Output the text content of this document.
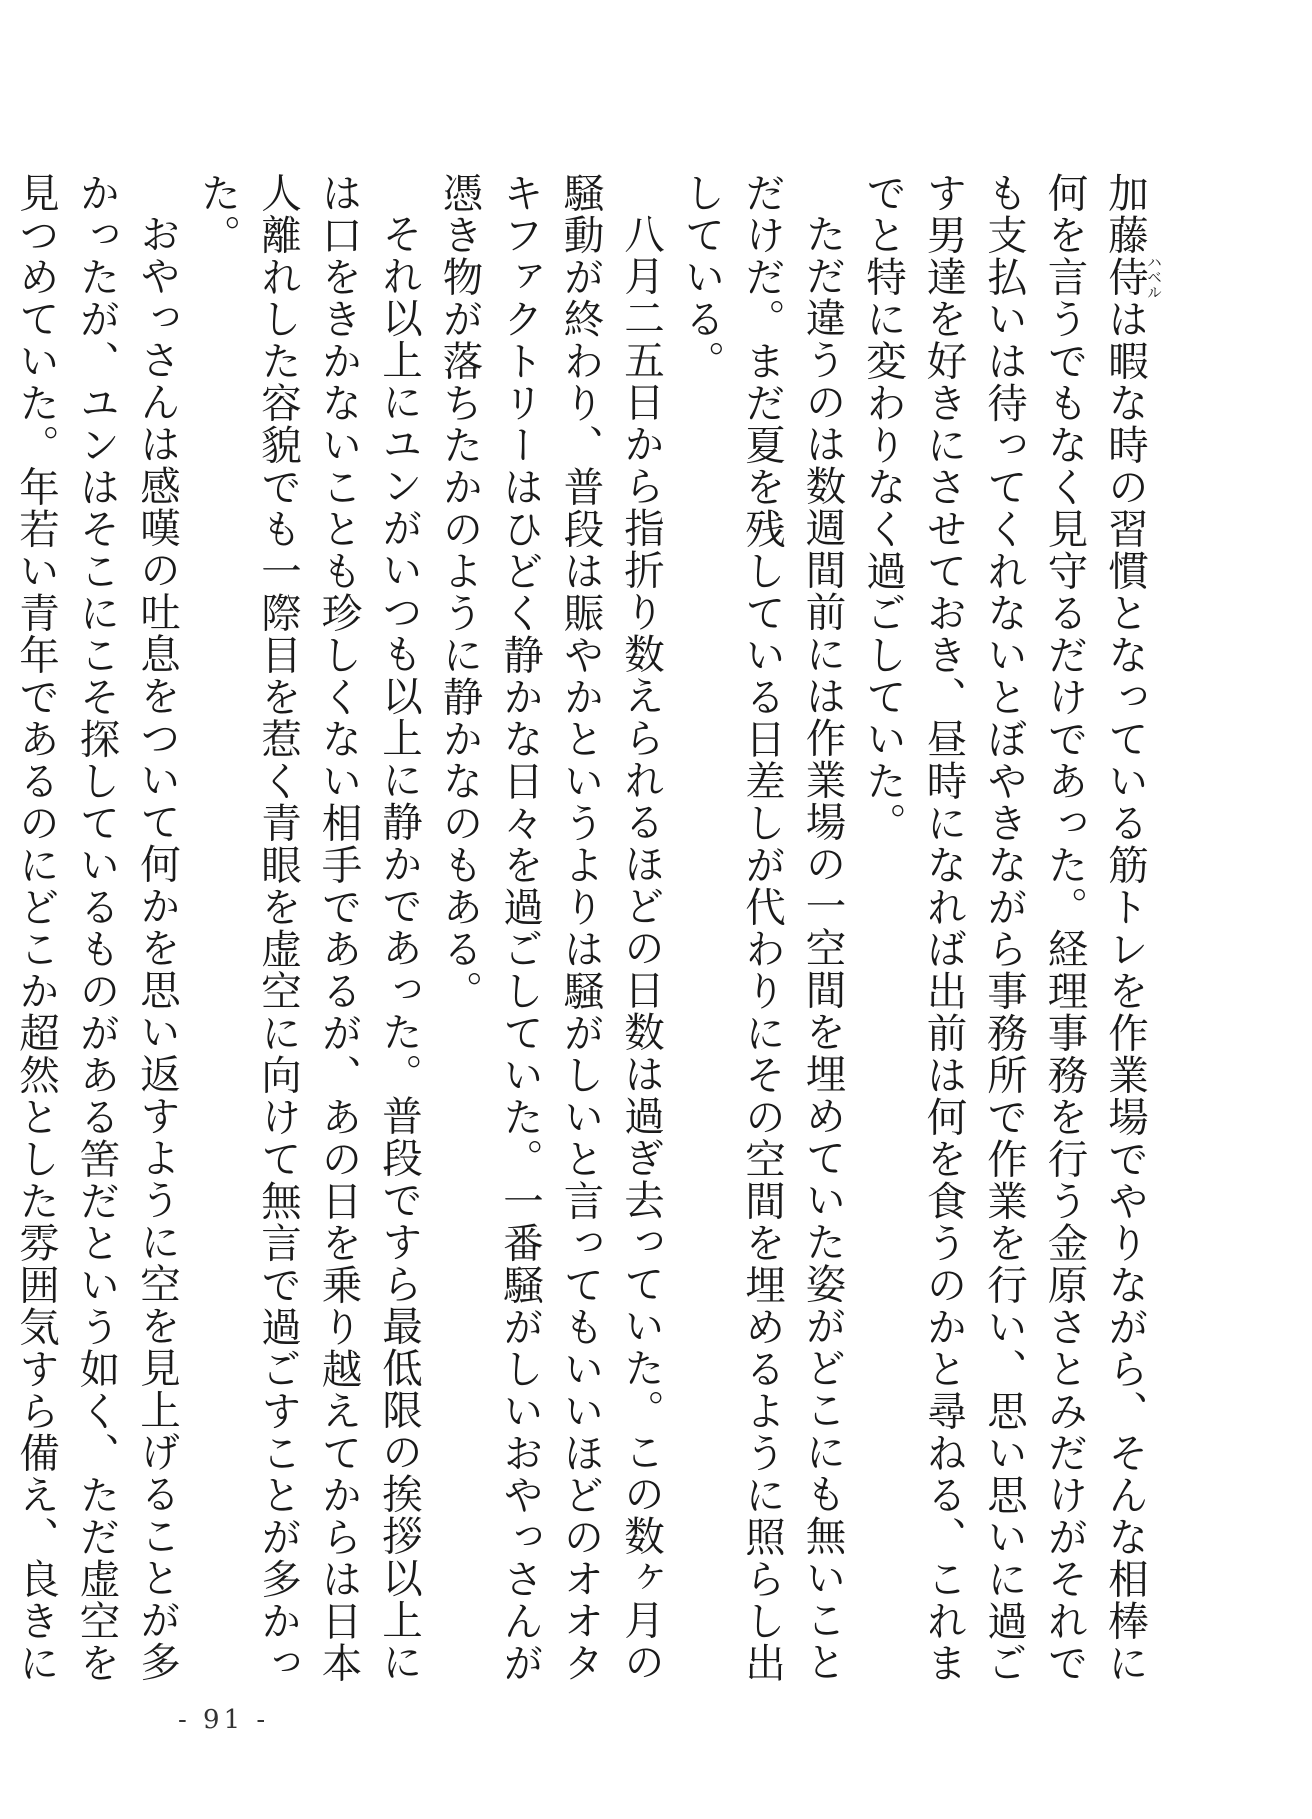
加藤侍ハベルは暇な時の習慣となっている筋トレを作業場でやりながら、そんな相棒に何を言うでもなく見守るだけであった。経理事務を行う金原さとみだけがそれでも支払いは待ってくれないとぼやきながら事務所で作業を行い、思い思いに過ごす男達を好きにさせておき、昼時になれば出前は何を食うのかと尋ねる、これまでと特に変わりなく過ごしていた。

ただ違うのは数週間前には作業場の一空間を埋めていた姿がどこにも無いことだけだ。まだ夏を残している日差しが代わりにその空間を埋めるように照らし出している。

八月二五日から指折り数えられるほどの日数は過ぎ去っていた。この数ヶ月の騒動が終わり、普段は賑やかというよりは騒がしいと言ってもいいほどのオオタキファクトリーはひどく静かな日々を過ごしていた。一番騒がしいおやっさんが憑き物が落ちたかのように静かなのもある。

それ以上にユンがいつも以上に静かであった。普段ですら最低限の挨拶以上には口をきかないことも珍しくない相手であるが、あの日を乗り越えてからは日本人離れした容貌でも一際目を惹く青眼を虚空に向けて無言で過ごすことが多かった。

おやっさんは感嘆の吐息をついて何かを思い返すように空を見上げることが多かったが、ユンはそこにこそ探しているものがある筈だという如く、ただ虚空を見つめていた。年若い青年であるのにどこか超然とした雰囲気すら備え、良きに

- 91 -
